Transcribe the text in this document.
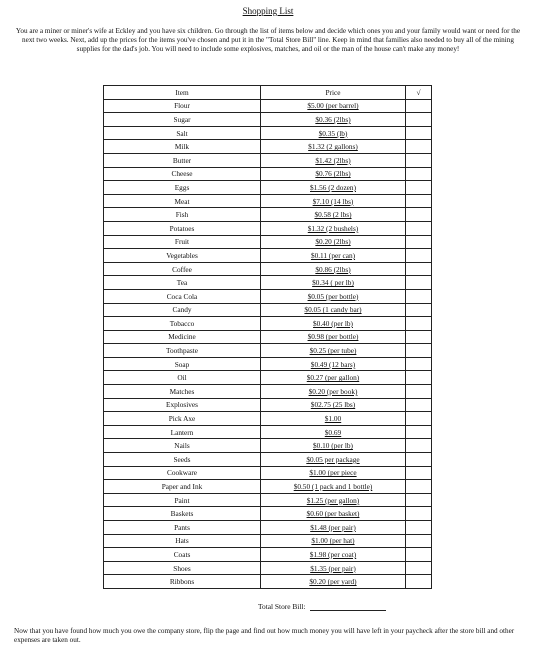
Shopping List
You are a miner or miner's wife at Eckley and you have six children. Go through the list of items below and decide which ones you and your family would want or need for the next two weeks. Next, add up the prices for the items you've chosen and put it in the "Total Store Bill" line. Keep in mind that families also needed to buy all of the mining supplies for the dad's job. You will need to include some explosives, matches, and oil or the man of the house can't make any money!
Item	Price	√
Flour	$5.00 (per barrel)	
Sugar	$0.36 (2lbs)	
Salt	$0.35 (lb)	
Milk	$1.32 (2 gallons)	
Butter	$1.42 (2lbs)	
Cheese	$0.76 (2lbs)	
Eggs	$1.56 (2 dozen)	
Meat	$7.10 (14 lbs)	
Fish	$0.58 (2 lbs)	
Potatoes	$1.32 (2 bushels)	
Fruit	$0.20 (2lbs)	
Vegetables	$0.11 (per can)	
Coffee	$0.86 (2lbs)	
Tea	$0.34 ( per lb)	
Coca Cola	$0.05 (per bottle)	
Candy	$0.05 (1 candy bar)	
Tobacco	$0.40 (per lb)	
Medicine	$0.98 (per bottle)	
Toothpaste	$0.25 (per tube)	
Soap	$0.49 (12 bars)	
Oil	$0.27 (per gallon)	
Matches	$0.20 (per book)	
Explosives	$02.75 (25 lbs)	
Pick Axe	$1.00	
Lantern	$0.69	
Nails	$0.10 (per lb)	
Seeds	$0.05 per package	
Cookware	$1.00 (per piece	
Paper and Ink	$0.50 (1 pack and 1 bottle)	
Paint	$1.25 (per gallon)	
Baskets	$0.60 (per basket)	
Pants	$1.48 (per pair)	
Hats	$1.00 (per hat)	
Coats	$1.98 (per coat)	
Shoes	$1.35 (per pair)	
Ribbons	$0.20 (per yard)	
Total Store Bill:
Now that you have found how much you owe the company store, flip the page and find out how much money you will have left in your paycheck after the store bill and other expenses are taken out.
